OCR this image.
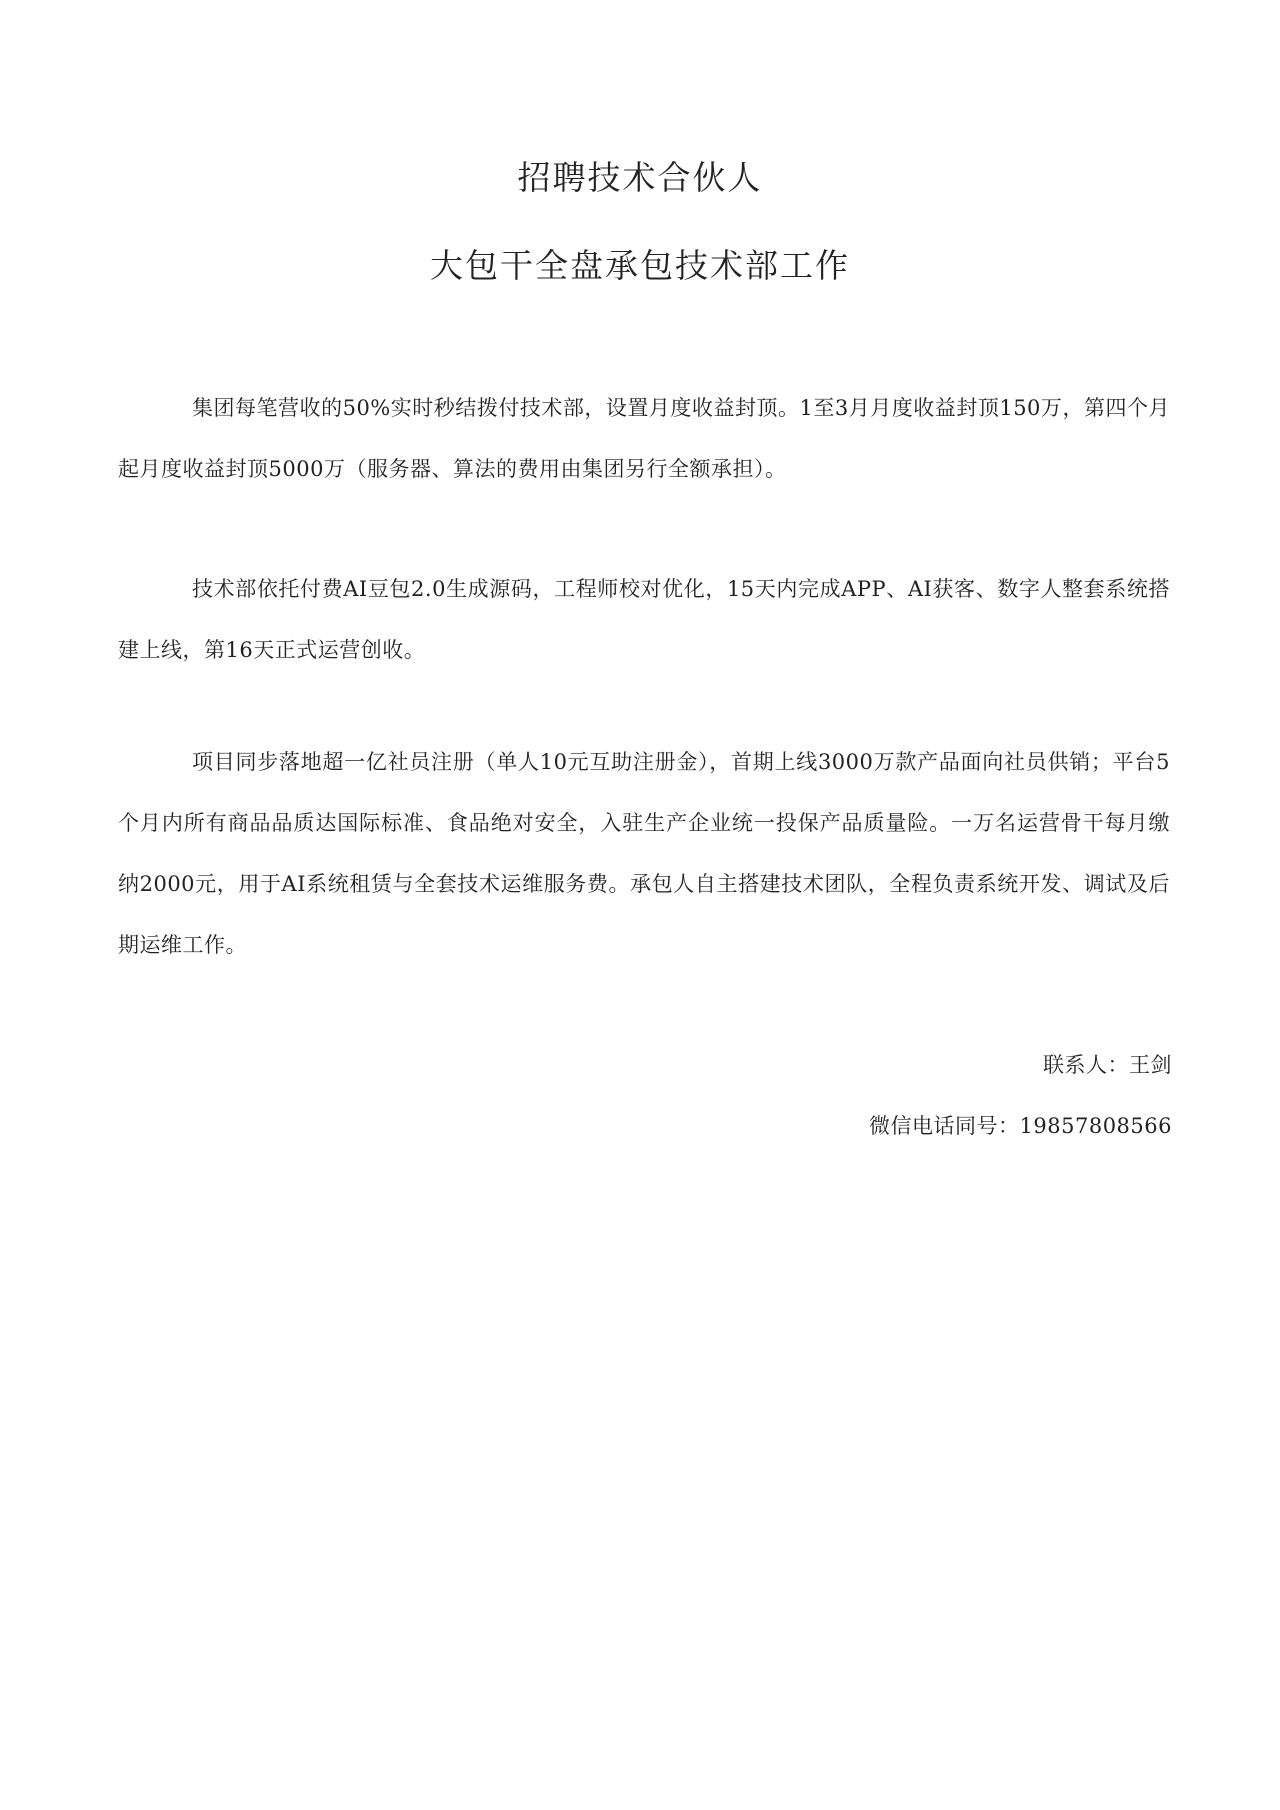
招聘技术合伙人
大包干全盘承包技术部工作

集团每笔营收的50%实时秒结拨付技术部，设置月度收益封顶。1至3月月度收益封顶150万，第四个月起月度收益封顶5000万（服务器、算法的费用由集团另行全额承担）。

技术部依托付费AI豆包2.0生成源码，工程师校对优化，15天内完成APP、AI获客、数字人整套系统搭建上线，第16天正式运营创收。

项目同步落地超一亿社员注册（单人10元互助注册金），首期上线3000万款产品面向社员供销；平台5个月内所有商品品质达国际标准、食品绝对安全，入驻生产企业统一投保产品质量险。一万名运营骨干每月缴纳2000元，用于AI系统租赁与全套技术运维服务费。承包人自主搭建技术团队，全程负责系统开发、调试及后期运维工作。

联系人：王剑

微信电话同号：19857808566
